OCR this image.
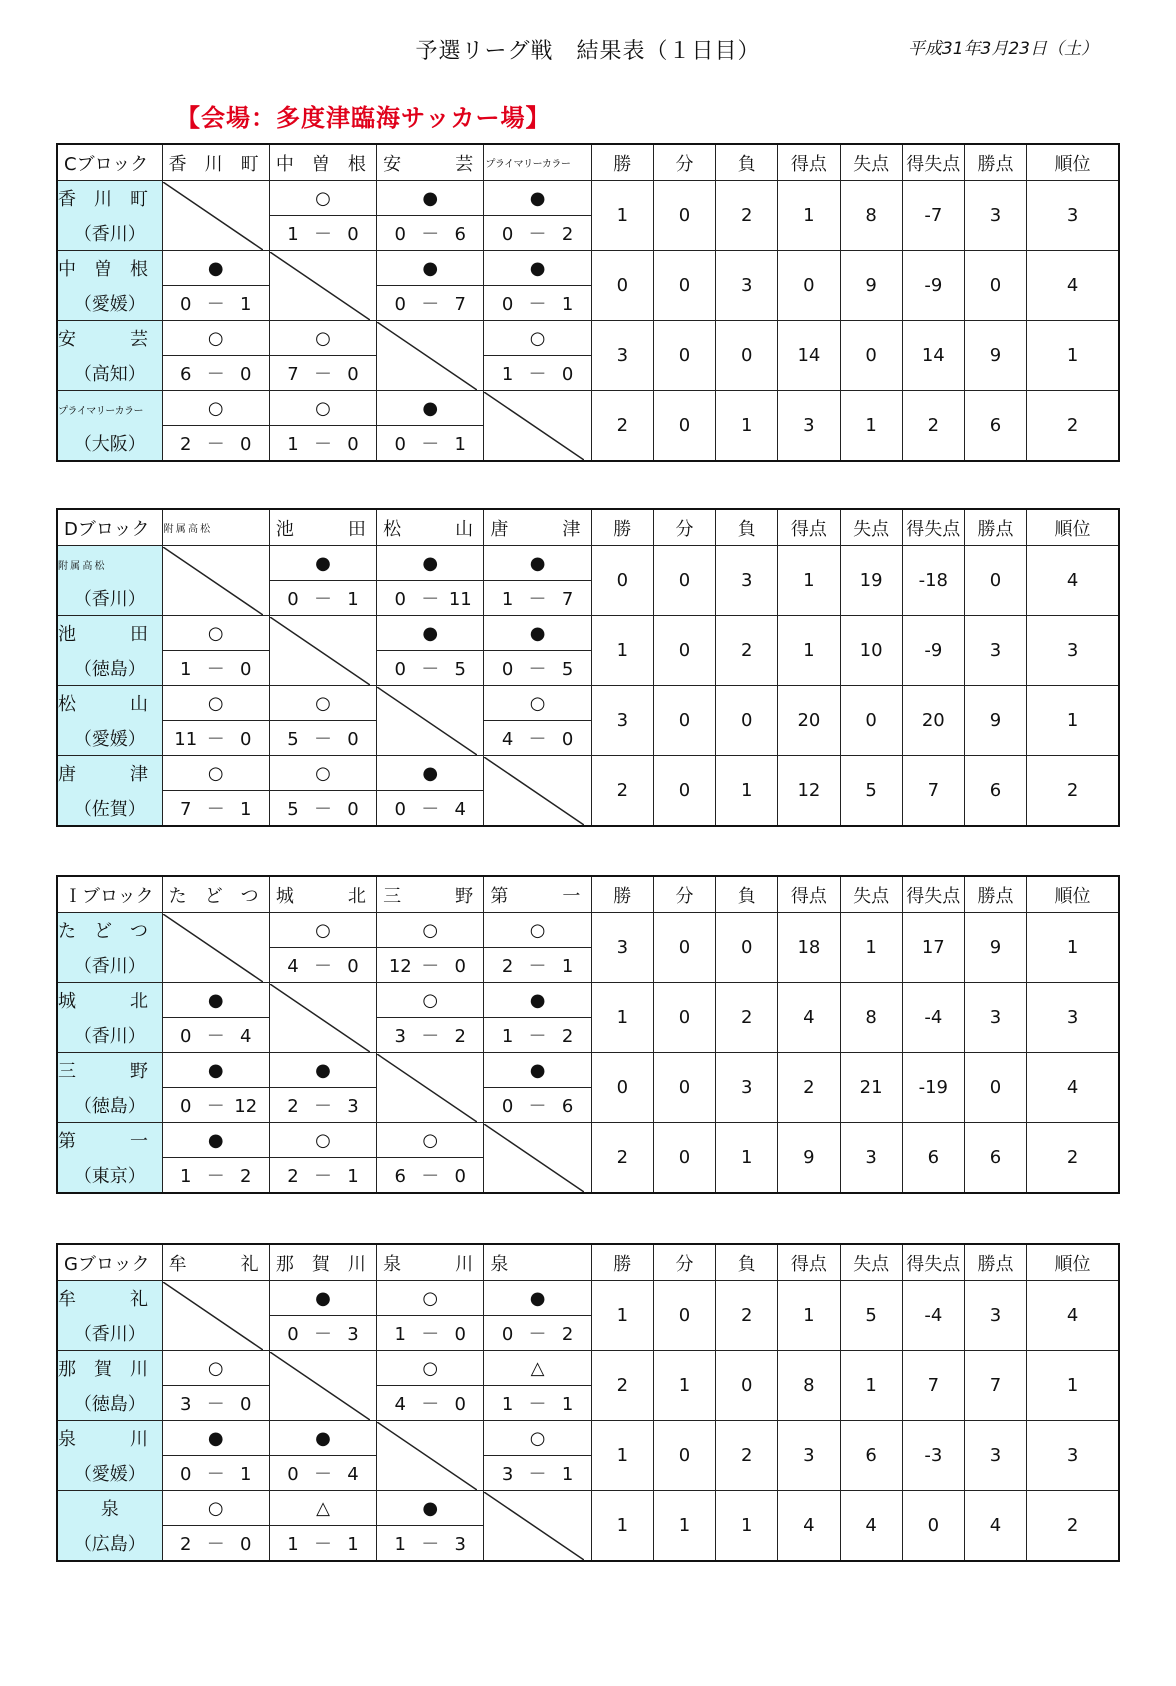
予選リーグ戦　結果表（１日目）	平成31年3月23日（土）
【会場：多度津臨海サッカー場】
Cブロック	香　川　町	中　曽　根	安　　　芸	プライマリーカラー	勝	分	負	得点	失点	得失点	勝点	順位
香　川　町		○	●	●	1	0	2	1	8	-7	3	3
（香川）		1 － 0	0 － 6	0 － 2								
中　曽　根	●		●	●	0	0	3	0	9	-9	0	4
（愛媛）	0 － 1		0 － 7	0 － 1								
安　　　芸	○	○		○	3	0	0	14	0	14	9	1
（高知）	6 － 0	7 － 0		1 － 0								
プライマリーカラー	○	○	●		2	0	1	3	1	2	6	2
（大阪）	2 － 0	1 － 0	0 － 1									
Dブロック	附 属 高 松	池　　　田	松　　　山	唐　　　津	勝	分	負	得点	失点	得失点	勝点	順位
附 属 高 松		●	●	●	0	0	3	1	19	-18	0	4
（香川）		0 － 1	0 － 11	1 － 7								
池　　　田	○		●	●	1	0	2	1	10	-9	3	3
（徳島）	1 － 0		0 － 5	0 － 5								
松　　　山	○	○		○	3	0	0	20	0	20	9	1
（愛媛）	11 － 0	5 － 0		4 － 0								
唐　　　津	○	○	●		2	0	1	12	5	7	6	2
（佐賀）	7 － 1	5 － 0	0 － 4									
Ｉブロック	た　ど　つ	城　　　北	三　　　野	第　　　一	勝	分	負	得点	失点	得失点	勝点	順位
た　ど　つ		○	○	○	3	0	0	18	1	17	9	1
（香川）		4 － 0	12 － 0	2 － 1								
城　　　北	●		○	●	1	0	2	4	8	-4	3	3
（香川）	0 － 4		3 － 2	1 － 2								
三　　　野	●	●		●	0	0	3	2	21	-19	0	4
（徳島）	0 － 12	2 － 3		0 － 6								
第　　　一	●	○	○		2	0	1	9	3	6	6	2
（東京）	1 － 2	2 － 1	6 － 0									
Gブロック	牟　　　礼	那　賀　川	泉　　　川	泉	勝	分	負	得点	失点	得失点	勝点	順位
牟　　　礼		●	○	●	1	0	2	1	5	-4	3	4
（香川）		0 － 3	1 － 0	0 － 2								
那　賀　川	○		○	△	2	1	0	8	1	7	7	1
（徳島）	3 － 0		4 － 0	1 － 1								
泉　　　川	●	●		○	1	0	2	3	6	-3	3	3
（愛媛）	0 － 1	0 － 4		3 － 1								
泉	○	△	●		1	1	1	4	4	0	4	2
（広島）	2 － 0	1 － 1	1 － 3									
